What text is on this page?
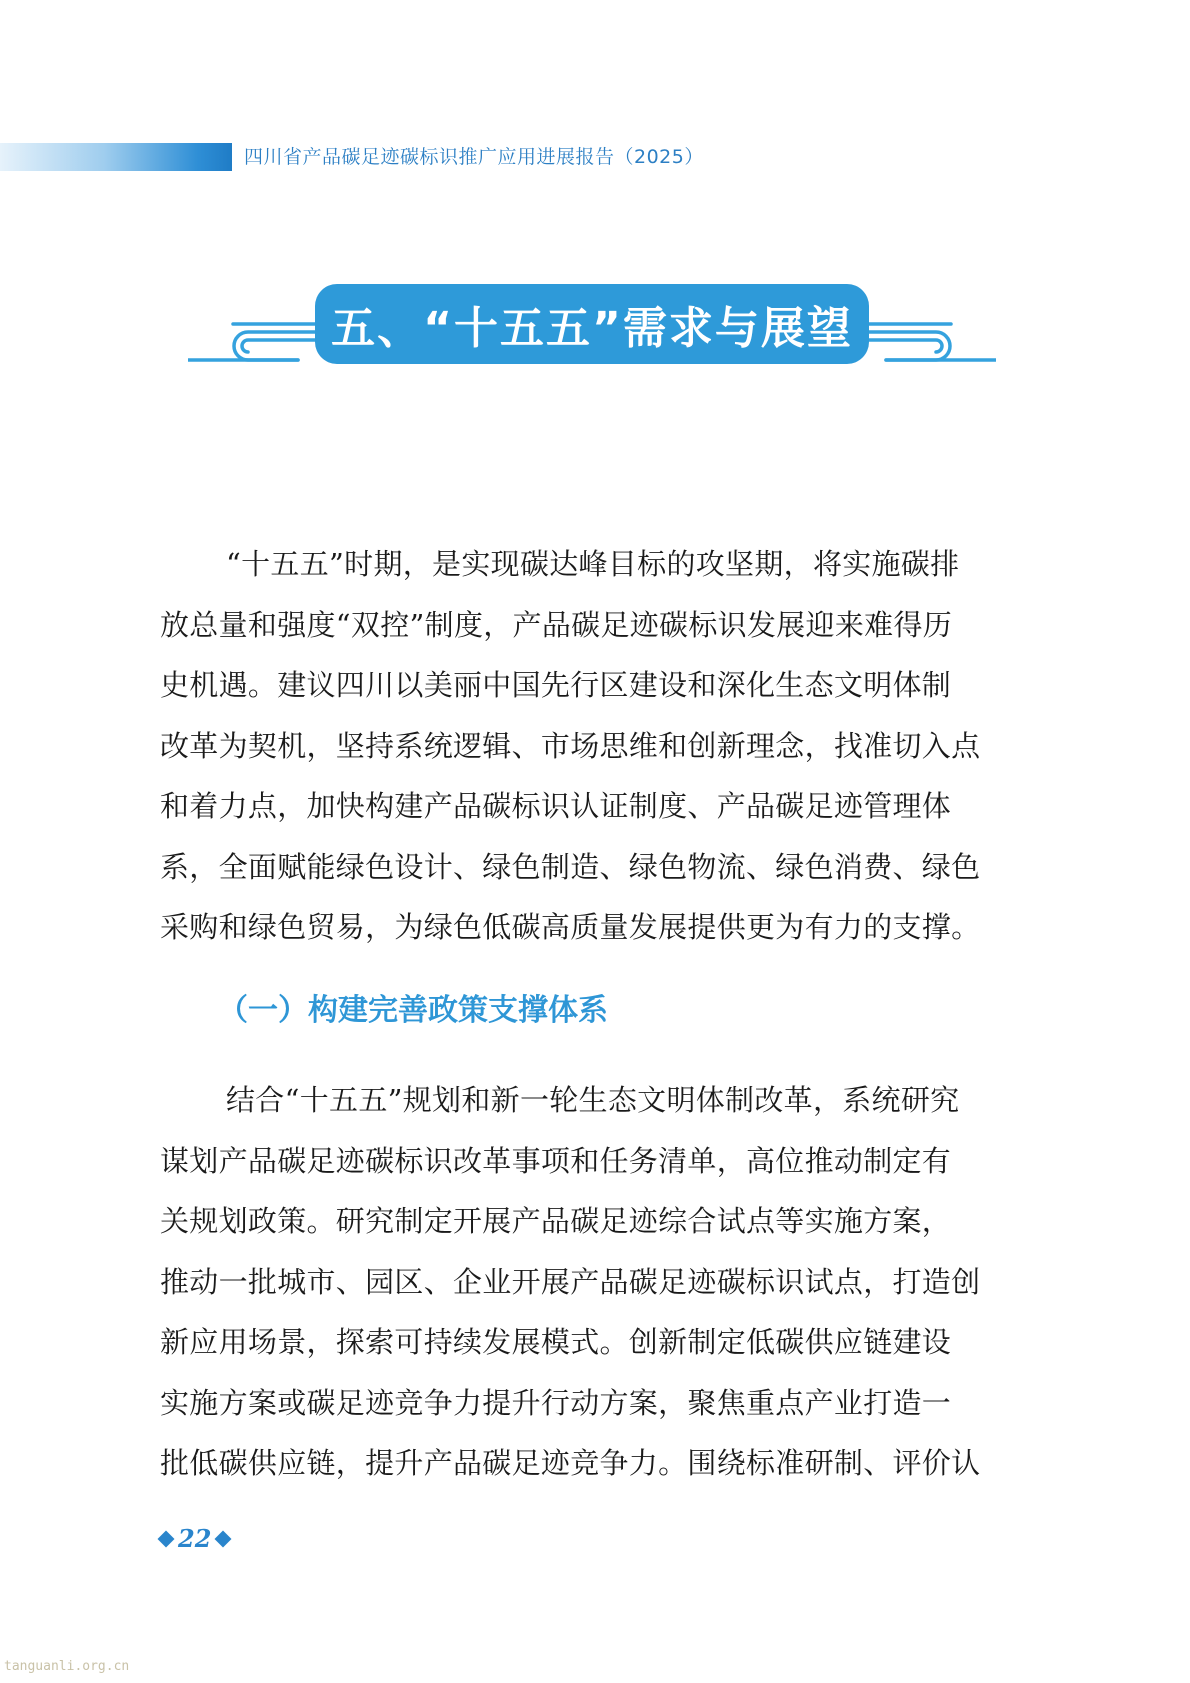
四川省产品碳足迹碳标识推广应用进展报告（2025）
五、“十五五”需求与展望

“十五五”时期，是实现碳达峰目标的攻坚期，将实施碳排

放总量和强度“双控”制度，产品碳足迹碳标识发展迎来难得历

史机遇。建议四川以美丽中国先行区建设和深化生态文明体制

改革为契机，坚持系统逻辑、市场思维和创新理念，找准切入点

和着力点，加快构建产品碳标识认证制度、产品碳足迹管理体

系，全面赋能绿色设计、绿色制造、绿色物流、绿色消费、绿色

采购和绿色贸易，为绿色低碳高质量发展提供更为有力的支撑。

（一）构建完善政策支撑体系

结合“十五五”规划和新一轮生态文明体制改革，系统研究

谋划产品碳足迹碳标识改革事项和任务清单，高位推动制定有

关规划政策。研究制定开展产品碳足迹综合试点等实施方案，

推动一批城市、园区、企业开展产品碳足迹碳标识试点，打造创

新应用场景，探索可持续发展模式。创新制定低碳供应链建设

实施方案或碳足迹竞争力提升行动方案，聚焦重点产业打造一

批低碳供应链，提升产品碳足迹竞争力。围绕标准研制、评价认

22
tanguanli.org.cn
